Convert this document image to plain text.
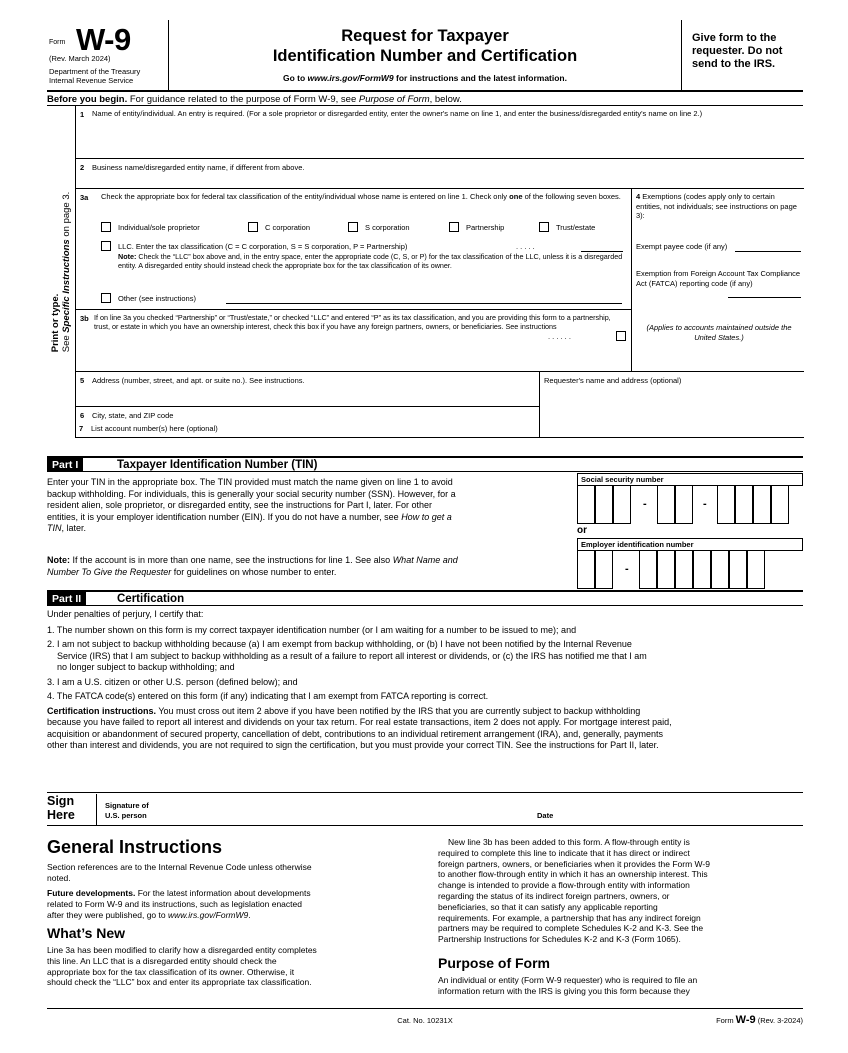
Form W-9
(Rev. March 2024)
Department of the Treasury
Internal Revenue Service
Request for Taxpayer
Identification Number and Certification
Go to www.irs.gov/FormW9 for instructions and the latest information.
Give form to the requester. Do not send to the IRS.
Before you begin. For guidance related to the purpose of Form W-9, see Purpose of Form, below.
Print or type.
See Specific Instructions on page 3.
1 Name of entity/individual. An entry is required. (For a sole proprietor or disregarded entity, enter the owner's name on line 1, and enter the business/disregarded entity's name on line 2.)
2 Business name/disregarded entity name, if different from above.
3a Check the appropriate box for federal tax classification of the entity/individual whose name is entered on line 1. Check only one of the following seven boxes.
Individual/sole proprietor	C corporation	S corporation	Partnership	Trust/estate
LLC. Enter the tax classification (C = C corporation, S = S corporation, P = Partnership)	. . . . .
Note: Check the “LLC” box above and, in the entry space, enter the appropriate code (C, S, or P) for the tax classification of the LLC, unless it is a disregarded entity. A disregarded entity should instead check the appropriate box for the tax classification of its owner.
Other (see instructions)
4 Exemptions (codes apply only to certain entities, not individuals; see instructions on page 3):
Exempt payee code (if any)
Exemption from Foreign Account Tax Compliance Act (FATCA) reporting code (if any)
(Applies to accounts maintained outside the United States.)
3b If on line 3a you checked “Partnership” or “Trust/estate,” or checked “LLC” and entered “P” as its tax classification, and you are providing this form to a partnership, trust, or estate in which you have an ownership interest, check this box if you have any foreign partners, owners, or beneficiaries. See instructions
. . . . . .
5 Address (number, street, and apt. or suite no.). See instructions.	Requester's name and address (optional)
6 City, state, and ZIP code
7 List account number(s) here (optional)
Part I	Taxpayer Identification Number (TIN)
Enter your TIN in the appropriate box. The TIN provided must match the name given on line 1 to avoid
backup withholding. For individuals, this is generally your social security number (SSN). However, for a
resident alien, sole proprietor, or disregarded entity, see the instructions for Part I, later. For other
entities, it is your employer identification number (EIN). If you do not have a number, see How to get a
TIN, later.
Note: If the account is in more than one name, see the instructions for line 1. See also What Name and
Number To Give the Requester for guidelines on whose number to enter.
Social security number
-	-
or
Employer identification number
-
Part II	Certification
Under penalties of perjury, I certify that:
1. The number shown on this form is my correct taxpayer identification number (or I am waiting for a number to be issued to me); and
2. I am not subject to backup withholding because (a) I am exempt from backup withholding, or (b) I have not been notified by the Internal Revenue
Service (IRS) that I am subject to backup withholding as a result of a failure to report all interest or dividends, or (c) the IRS has notified me that I am
no longer subject to backup withholding; and
3. I am a U.S. citizen or other U.S. person (defined below); and
4. The FATCA code(s) entered on this form (if any) indicating that I am exempt from FATCA reporting is correct.
Certification instructions. You must cross out item 2 above if you have been notified by the IRS that you are currently subject to backup withholding
because you have failed to report all interest and dividends on your tax return. For real estate transactions, item 2 does not apply. For mortgage interest paid,
acquisition or abandonment of secured property, cancellation of debt, contributions to an individual retirement arrangement (IRA), and, generally, payments
other than interest and dividends, you are not required to sign the certification, but you must provide your correct TIN. See the instructions for Part II, later.
Sign
Here
Signature of
U.S. person	Date
General Instructions
Section references are to the Internal Revenue Code unless otherwise
noted.
Future developments. For the latest information about developments
related to Form W-9 and its instructions, such as legislation enacted
after they were published, go to www.irs.gov/FormW9.
What’s New
Line 3a has been modified to clarify how a disregarded entity completes
this line. An LLC that is a disregarded entity should check the
appropriate box for the tax classification of its owner. Otherwise, it
should check the “LLC” box and enter its appropriate tax classification.
New line 3b has been added to this form. A flow-through entity is
required to complete this line to indicate that it has direct or indirect
foreign partners, owners, or beneficiaries when it provides the Form W-9
to another flow-through entity in which it has an ownership interest. This
change is intended to provide a flow-through entity with information
regarding the status of its indirect foreign partners, owners, or
beneficiaries, so that it can satisfy any applicable reporting
requirements. For example, a partnership that has any indirect foreign
partners may be required to complete Schedules K-2 and K-3. See the
Partnership Instructions for Schedules K-2 and K-3 (Form 1065).
Purpose of Form
An individual or entity (Form W-9 requester) who is required to file an
information return with the IRS is giving you this form because they
Cat. No. 10231X	Form W-9 (Rev. 3-2024)
